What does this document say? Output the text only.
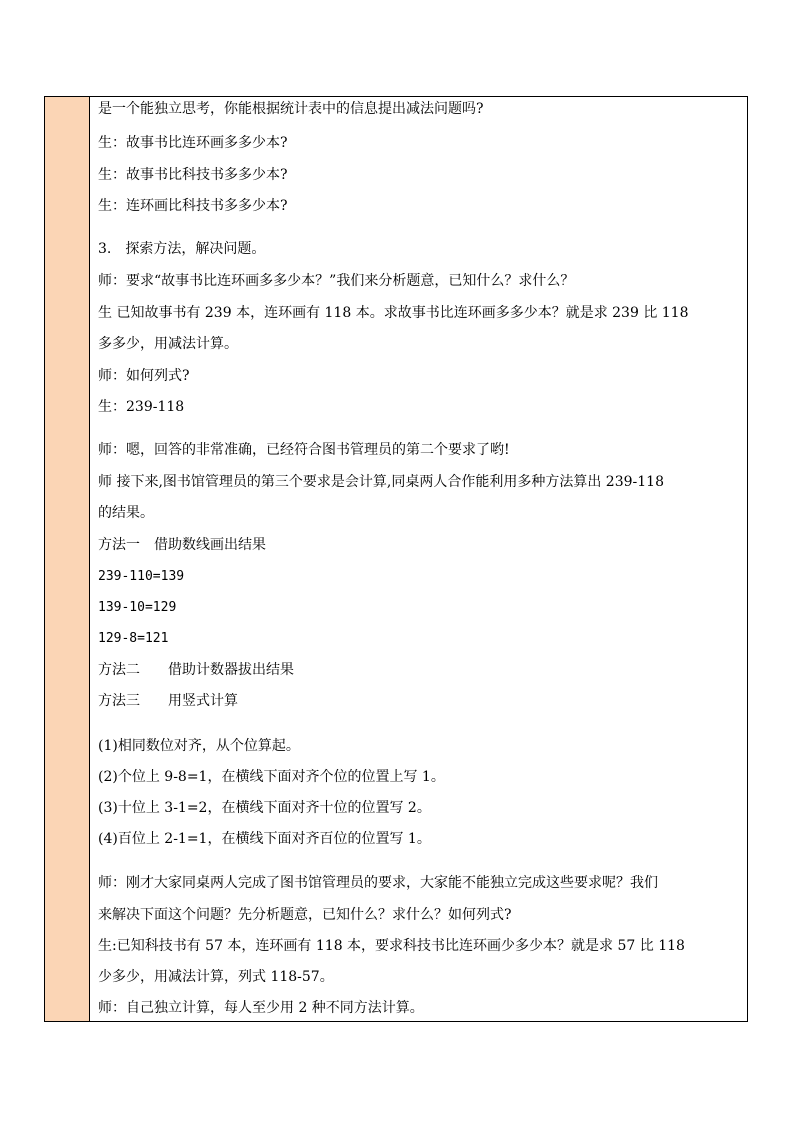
是一个能独立思考，你能根据统计表中的信息提出减法问题吗?
生：故事书比连环画多多少本?
生：故事书比科技书多多少本?
生：连环画比科技书多多少本?
3.　探索方法，解决问题。
师：要求“故事书比连环画多多少本？”我们来分析题意，已知什么？求什么？
生 已知故事书有 239 本，连环画有 118 本。求故事书比连环画多多少本？就是求 239 比 118
多多少，用减法计算。
师：如何列式?
生：239-118
师：嗯，回答的非常准确，已经符合图书管理员的第二个要求了哟!
师 接下来,图书馆管理员的第三个要求是会计算,同桌两人合作能利用多种方法算出 239-118
的结果。
方法一　借助数线画出结果
239-110=139
139-10=129
129-8=121
方法二　　借助计数器拔出结果
方法三　　用竖式计算
(1)相同数位对齐，从个位算起。
(2)个位上 9-8=1，在横线下面对齐个位的位置上写 1。
(3)十位上 3-1=2，在横线下面对齐十位的位置写 2。
(4)百位上 2-1=1，在横线下面对齐百位的位置写 1。
师：刚才大家同桌两人完成了图书馆管理员的要求，大家能不能独立完成这些要求呢？我们
来解决下面这个问题？先分析题意，已知什么？求什么？如何列式?
生:已知科技书有 57 本，连环画有 118 本，要求科技书比连环画少多少本？就是求 57 比 118
少多少，用减法计算，列式 118-57。
师：自己独立计算，每人至少用 2 种不同方法计算。
